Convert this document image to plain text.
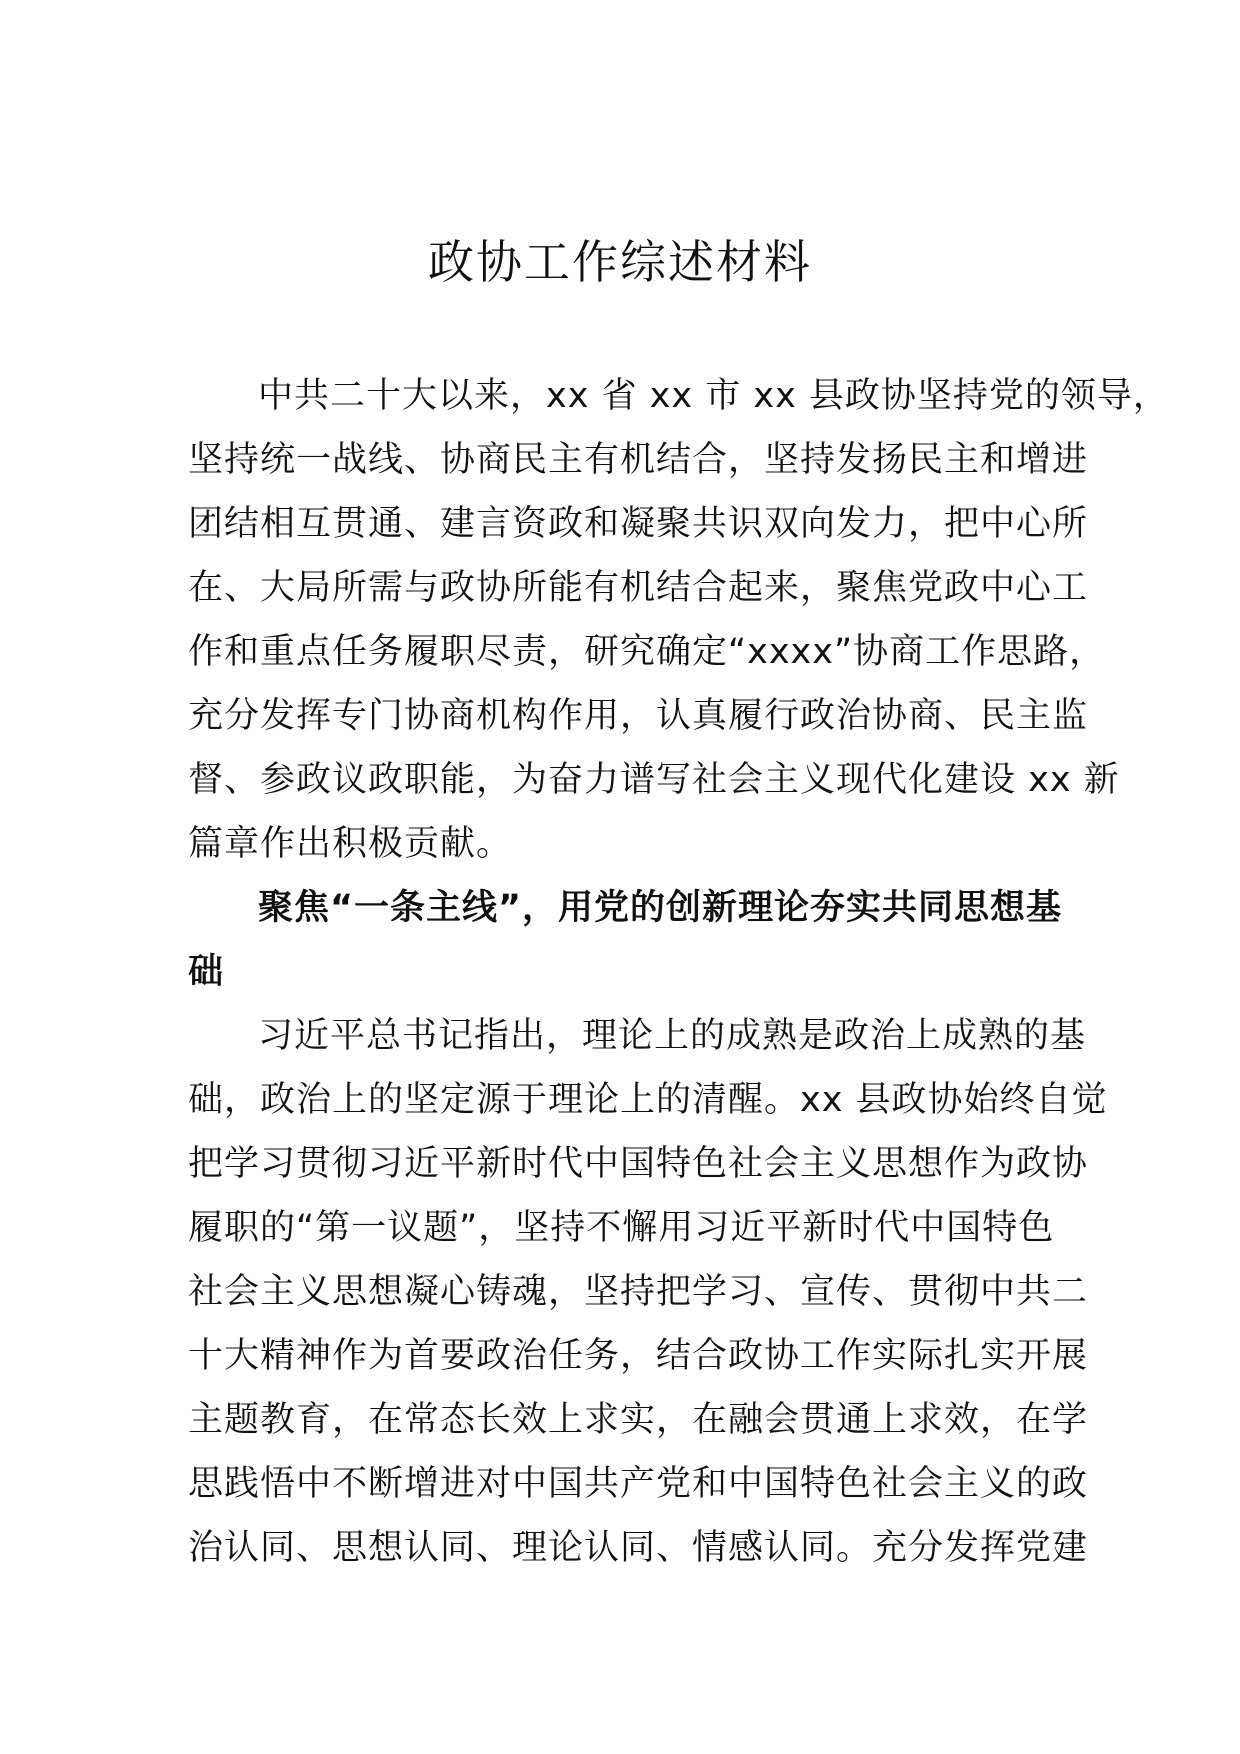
政协工作综述材料
中共二十大以来，xx 省 xx 市 xx 县政协坚持党的领导，
坚持统一战线、协商民主有机结合，坚持发扬民主和增进
团结相互贯通、建言资政和凝聚共识双向发力，把中心所
在、大局所需与政协所能有机结合起来，聚焦党政中心工
作和重点任务履职尽责，研究确定“xxxx”协商工作思路，
充分发挥专门协商机构作用，认真履行政治协商、民主监
督、参政议政职能，为奋力谱写社会主义现代化建设 xx 新
篇章作出积极贡献。
聚焦“一条主线”，用党的创新理论夯实共同思想基
础
习近平总书记指出，理论上的成熟是政治上成熟的基
础，政治上的坚定源于理论上的清醒。xx 县政协始终自觉
把学习贯彻习近平新时代中国特色社会主义思想作为政协
履职的“第一议题”，坚持不懈用习近平新时代中国特色
社会主义思想凝心铸魂，坚持把学习、宣传、贯彻中共二
十大精神作为首要政治任务，结合政协工作实际扎实开展
主题教育，在常态长效上求实，在融会贯通上求效，在学
思践悟中不断增进对中国共产党和中国特色社会主义的政
治认同、思想认同、理论认同、情感认同。充分发挥党建
